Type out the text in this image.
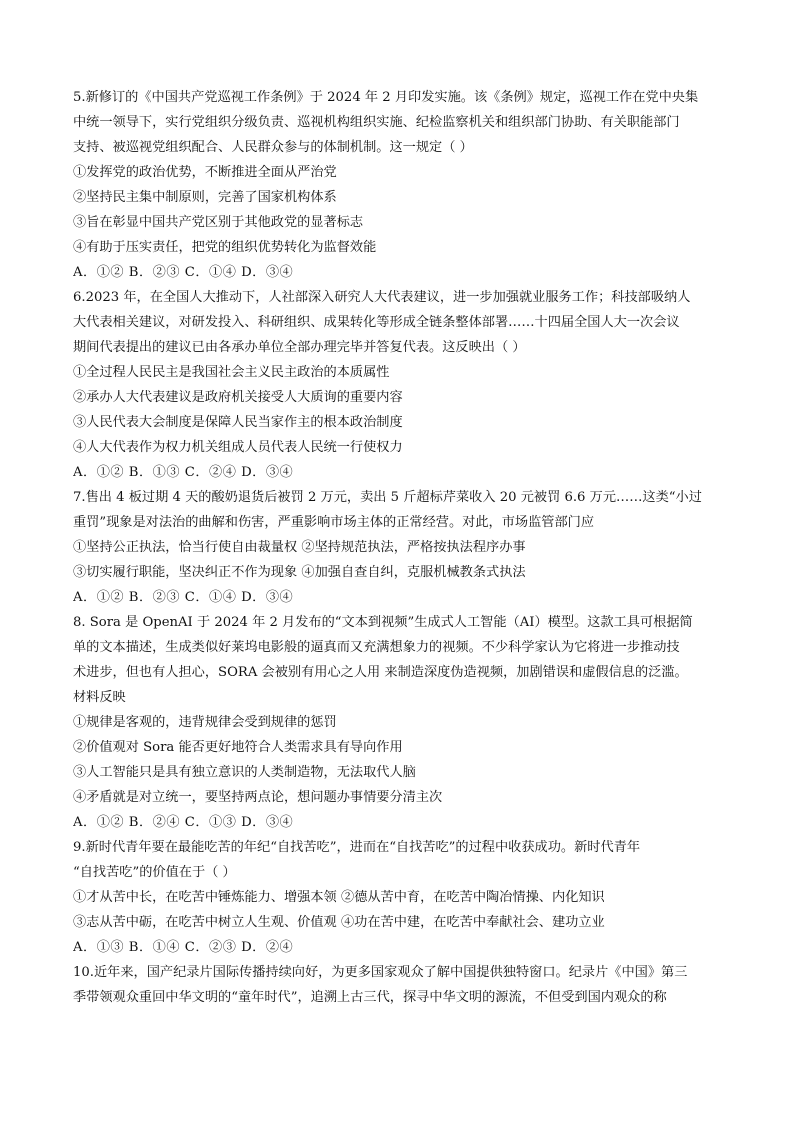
5.新修订的《中国共产党巡视工作条例》于 2024 年 2 月印发实施。该《条例》规定，巡视工作在党中央集
中统一领导下，实行党组织分级负责、巡视机构组织实施、纪检监察机关和组织部门协助、有关职能部门
支持、被巡视党组织配合、人民群众参与的体制机制。这一规定（ ）
①发挥党的政治优势，不断推进全面从严治党
②坚持民主集中制原则，完善了国家机构体系
③旨在彰显中国共产党区别于其他政党的显著标志
④有助于压实责任，把党的组织优势转化为监督效能
A．①② B．②③ C．①④ D．③④
6.2023 年，在全国人大推动下，人社部深入研究人大代表建议，进一步加强就业服务工作；科技部吸纳人
大代表相关建议，对研发投入、科研组织、成果转化等形成全链条整体部署……十四届全国人大一次会议
期间代表提出的建议已由各承办单位全部办理完毕并答复代表。这反映出（ ）
①全过程人民民主是我国社会主义民主政治的本质属性
②承办人大代表建议是政府机关接受人大质询的重要内容
③人民代表大会制度是保障人民当家作主的根本政治制度
④人大代表作为权力机关组成人员代表人民统一行使权力
A．①② B．①③ C．②④ D．③④
7.售出 4 板过期 4 天的酸奶退货后被罚 2 万元，卖出 5 斤超标芹菜收入 20 元被罚 6.6 万元……这类“小过
重罚”现象是对法治的曲解和伤害，严重影响市场主体的正常经营。对此，市场监管部门应
①坚持公正执法，恰当行使自由裁量权 ②坚持规范执法，严格按执法程序办事
③切实履行职能，坚决纠正不作为现象 ④加强自查自纠，克服机械教条式执法
A．①② B．②③ C．①④ D．③④
8. Sora 是 OpenAI 于 2024 年 2 月发布的“文本到视频”生成式人工智能（AI）模型。这款工具可根据简
单的文本描述，生成类似好莱坞电影般的逼真而又充满想象力的视频。不少科学家认为它将进一步推动技
术进步，但也有人担心，SORA 会被别有用心之人用 来制造深度伪造视频，加剧错误和虚假信息的泛滥。
材料反映
①规律是客观的，违背规律会受到规律的惩罚
②价值观对 Sora 能否更好地符合人类需求具有导向作用
③人工智能只是具有独立意识的人类制造物，无法取代人脑
④矛盾就是对立统一，要坚持两点论，想问题办事情要分清主次
A．①② B．②④ C．①③ D．③④
9.新时代青年要在最能吃苦的年纪“自找苦吃”，进而在“自找苦吃”的过程中收获成功。新时代青年
“自找苦吃”的价值在于（ ）
①才从苦中长，在吃苦中锤炼能力、增强本领 ②德从苦中育，在吃苦中陶冶情操、内化知识
③志从苦中砺，在吃苦中树立人生观、价值观 ④功在苦中建，在吃苦中奉献社会、建功立业
A．①③ B．①④ C．②③ D．②④
10.近年来，国产纪录片国际传播持续向好，为更多国家观众了解中国提供独特窗口。纪录片《中国》第三
季带领观众重回中华文明的“童年时代”，追溯上古三代，探寻中华文明的源流，不但受到国内观众的称
